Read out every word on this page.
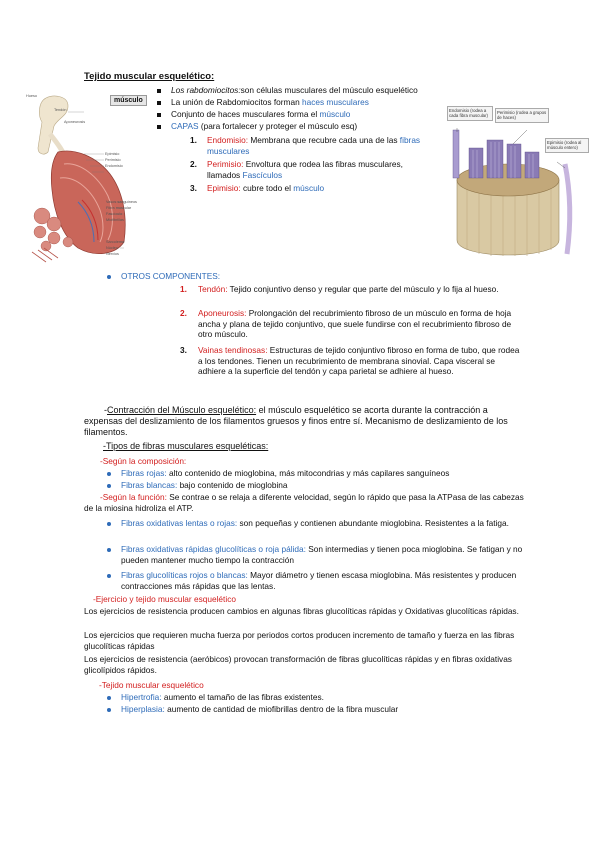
Tejido muscular esquelético:
Tendón
Aponeurosis
Epimisio
Perimisio
Endomisio
Vasos sanguíneos
Fibra muscular
Fascículo
Miofibrillas
Hueso
Sarcolema
Núcleo
Nervios
músculo
Los rabdomiocitos:son células musculares del músculo esquelético
La unión de Rabdomiocitos forman haces musculares
Conjunto de haces musculares forma el músculo
CAPAS (para fortalecer y proteger el músculo esq)
1. Endomisio: Membrana que recubre cada una de las fibras musculares
2. Perimisio: Envoltura que rodea las fibras musculares, llamados Fascículos
3. Epimisio: cubre todo el músculo
Endomisio (rodea a cada fibra muscular)
Perimisio (rodea a grupos de haces)
Epimisio (rodea al músculo entero)
OTROS COMPONENTES:
1. Tendón: Tejido conjuntivo denso y regular que parte del músculo y lo fija al hueso.
2. Aponeurosis: Prolongación del recubrimiento fibroso de un músculo en forma de hoja ancha y plana de tejido conjuntivo, que suele fundirse con el recubrimiento fibroso de otro músculo.
3. Vainas tendinosas: Estructuras de tejido conjuntivo fibroso en forma de tubo, que rodea a los tendones. Tienen un recubrimiento de membrana sinovial. Capa visceral se adhiere a la superficie del tendón y capa parietal se adhiere al hueso.
-Contracción del Músculo esquelético: el músculo esquelético se acorta durante la contracción a expensas del deslizamiento de los filamentos gruesos y finos entre sí. Mecanismo de deslizamiento de los filamentos.
-Tipos de fibras musculares esqueléticas:
-Según la composición:
Fibras rojas: alto contenido de mioglobina, más mitocondrias y más capilares sanguíneos
Fibras blancas: bajo contenido de mioglobina
-Según la función: Se contrae o se relaja a diferente velocidad, según lo rápido que pasa la ATPasa de las cabezas de la miosina hidroliza el ATP.
Fibras oxidativas lentas o rojas: son pequeñas y contienen abundante mioglobina. Resistentes a la fatiga.
Fibras oxidativas rápidas glucolíticas o roja pálida: Son intermedias y tienen poca mioglobina. Se fatigan y no pueden mantener mucho tiempo la contracción
Fibras glucolíticas rojos o blancas: Mayor diámetro y tienen escasa mioglobina. Más resistentes y producen contracciones más rápidas que las lentas.
-Ejercicio y tejido muscular esquelético
Los ejercicios de resistencia producen cambios en algunas fibras glucolíticas rápidas y Oxidativas glucolíticas rápidas.
Los ejercicios que requieren mucha fuerza por periodos cortos producen incremento de tamaño y fuerza en las fibras glucolíticas rápidas
Los ejercicios de resistencia (aeróbicos) provocan transformación de fibras glucolíticas rápidas y en fibras oxidativas glicolípidos rápidos.
-Tejido muscular esquelético
Hipertrofia: aumento el tamaño de las fibras existentes.
Hiperplasia: aumento de cantidad de miofibrillas dentro de la fibra muscular
